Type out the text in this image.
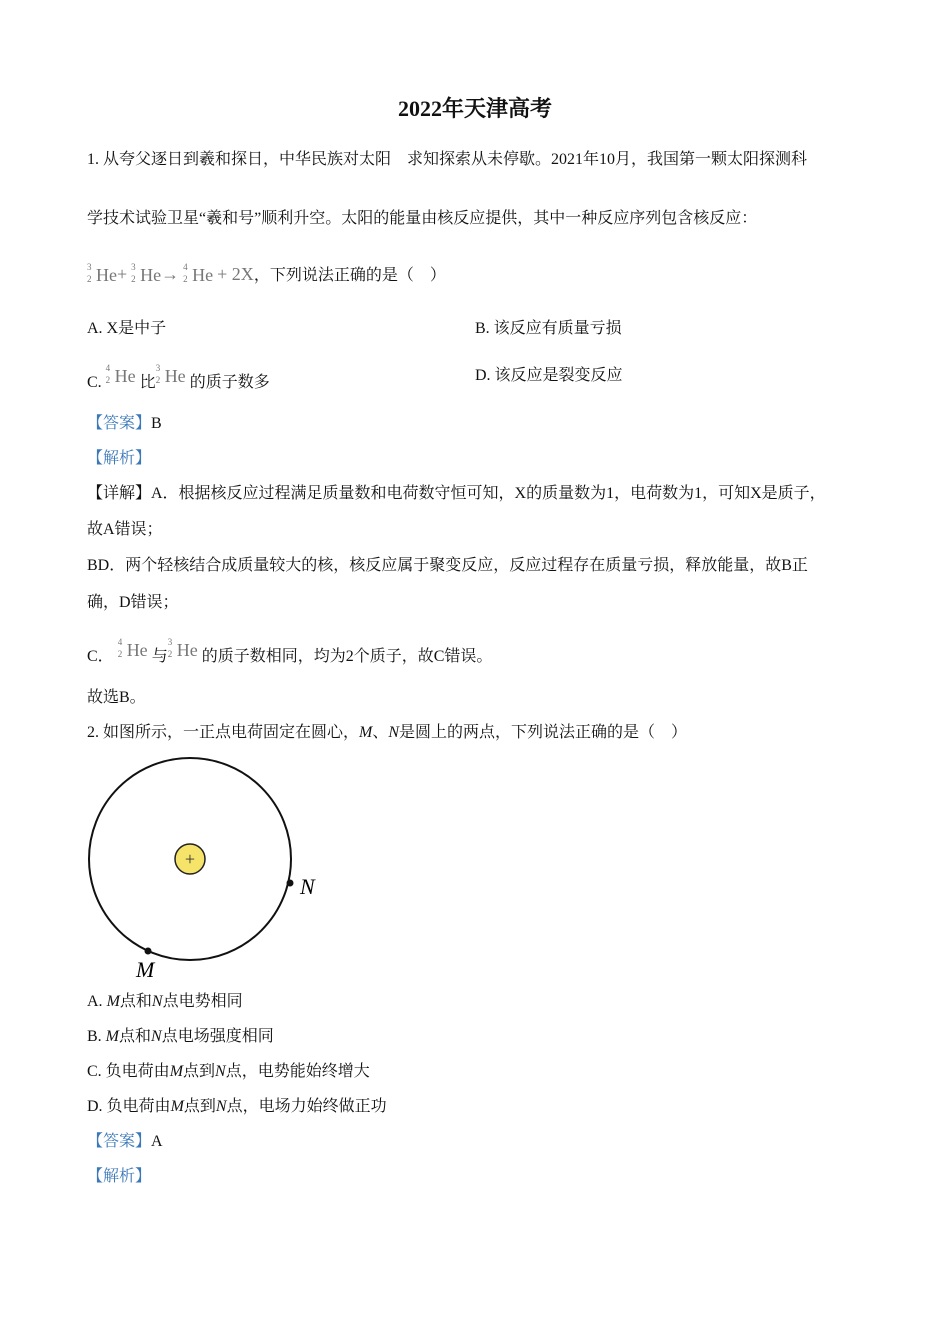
2022年天津高考
1. 从夸父逐日到羲和探日，中华民族对太阳　求知探索从未停歇。2021年10月，我国第一颗太阳探测科
学技术试验卫星“羲和号”顺利升空。太阳的能量由核反应提供，其中一种反应序列包含核反应：
3
2 He+ 3
2 He→ 4
2 He + 2X，下列说法正确的是（　）
A. X是中子	B. 该反应有质量亏损
C.
4
2 He 比
3
2 He 的质子数多	D. 该反应是裂变反应
【答案】B
【解析】
【详解】A．根据核反应过程满足质量数和电荷数守恒可知，X的质量数为1，电荷数为1，可知X是质子，
故A错误；
BD．两个轻核结合成质量较大的核，核反应属于聚变反应，反应过程存在质量亏损，释放能量，故B正
确，D错误；
C．
4
2 He 与
3
2 He 的质子数相同，均为2个质子，故C错误。
故选B。
2. 如图所示，一正点电荷固定在圆心，M、N是圆上的两点，下列说法正确的是（　）
+
N
M
A. M点和N点电势相同
B. M点和N点电场强度相同
C. 负电荷由M点到N点，电势能始终增大
D. 负电荷由M点到N点，电场力始终做正功
【答案】A
【解析】
